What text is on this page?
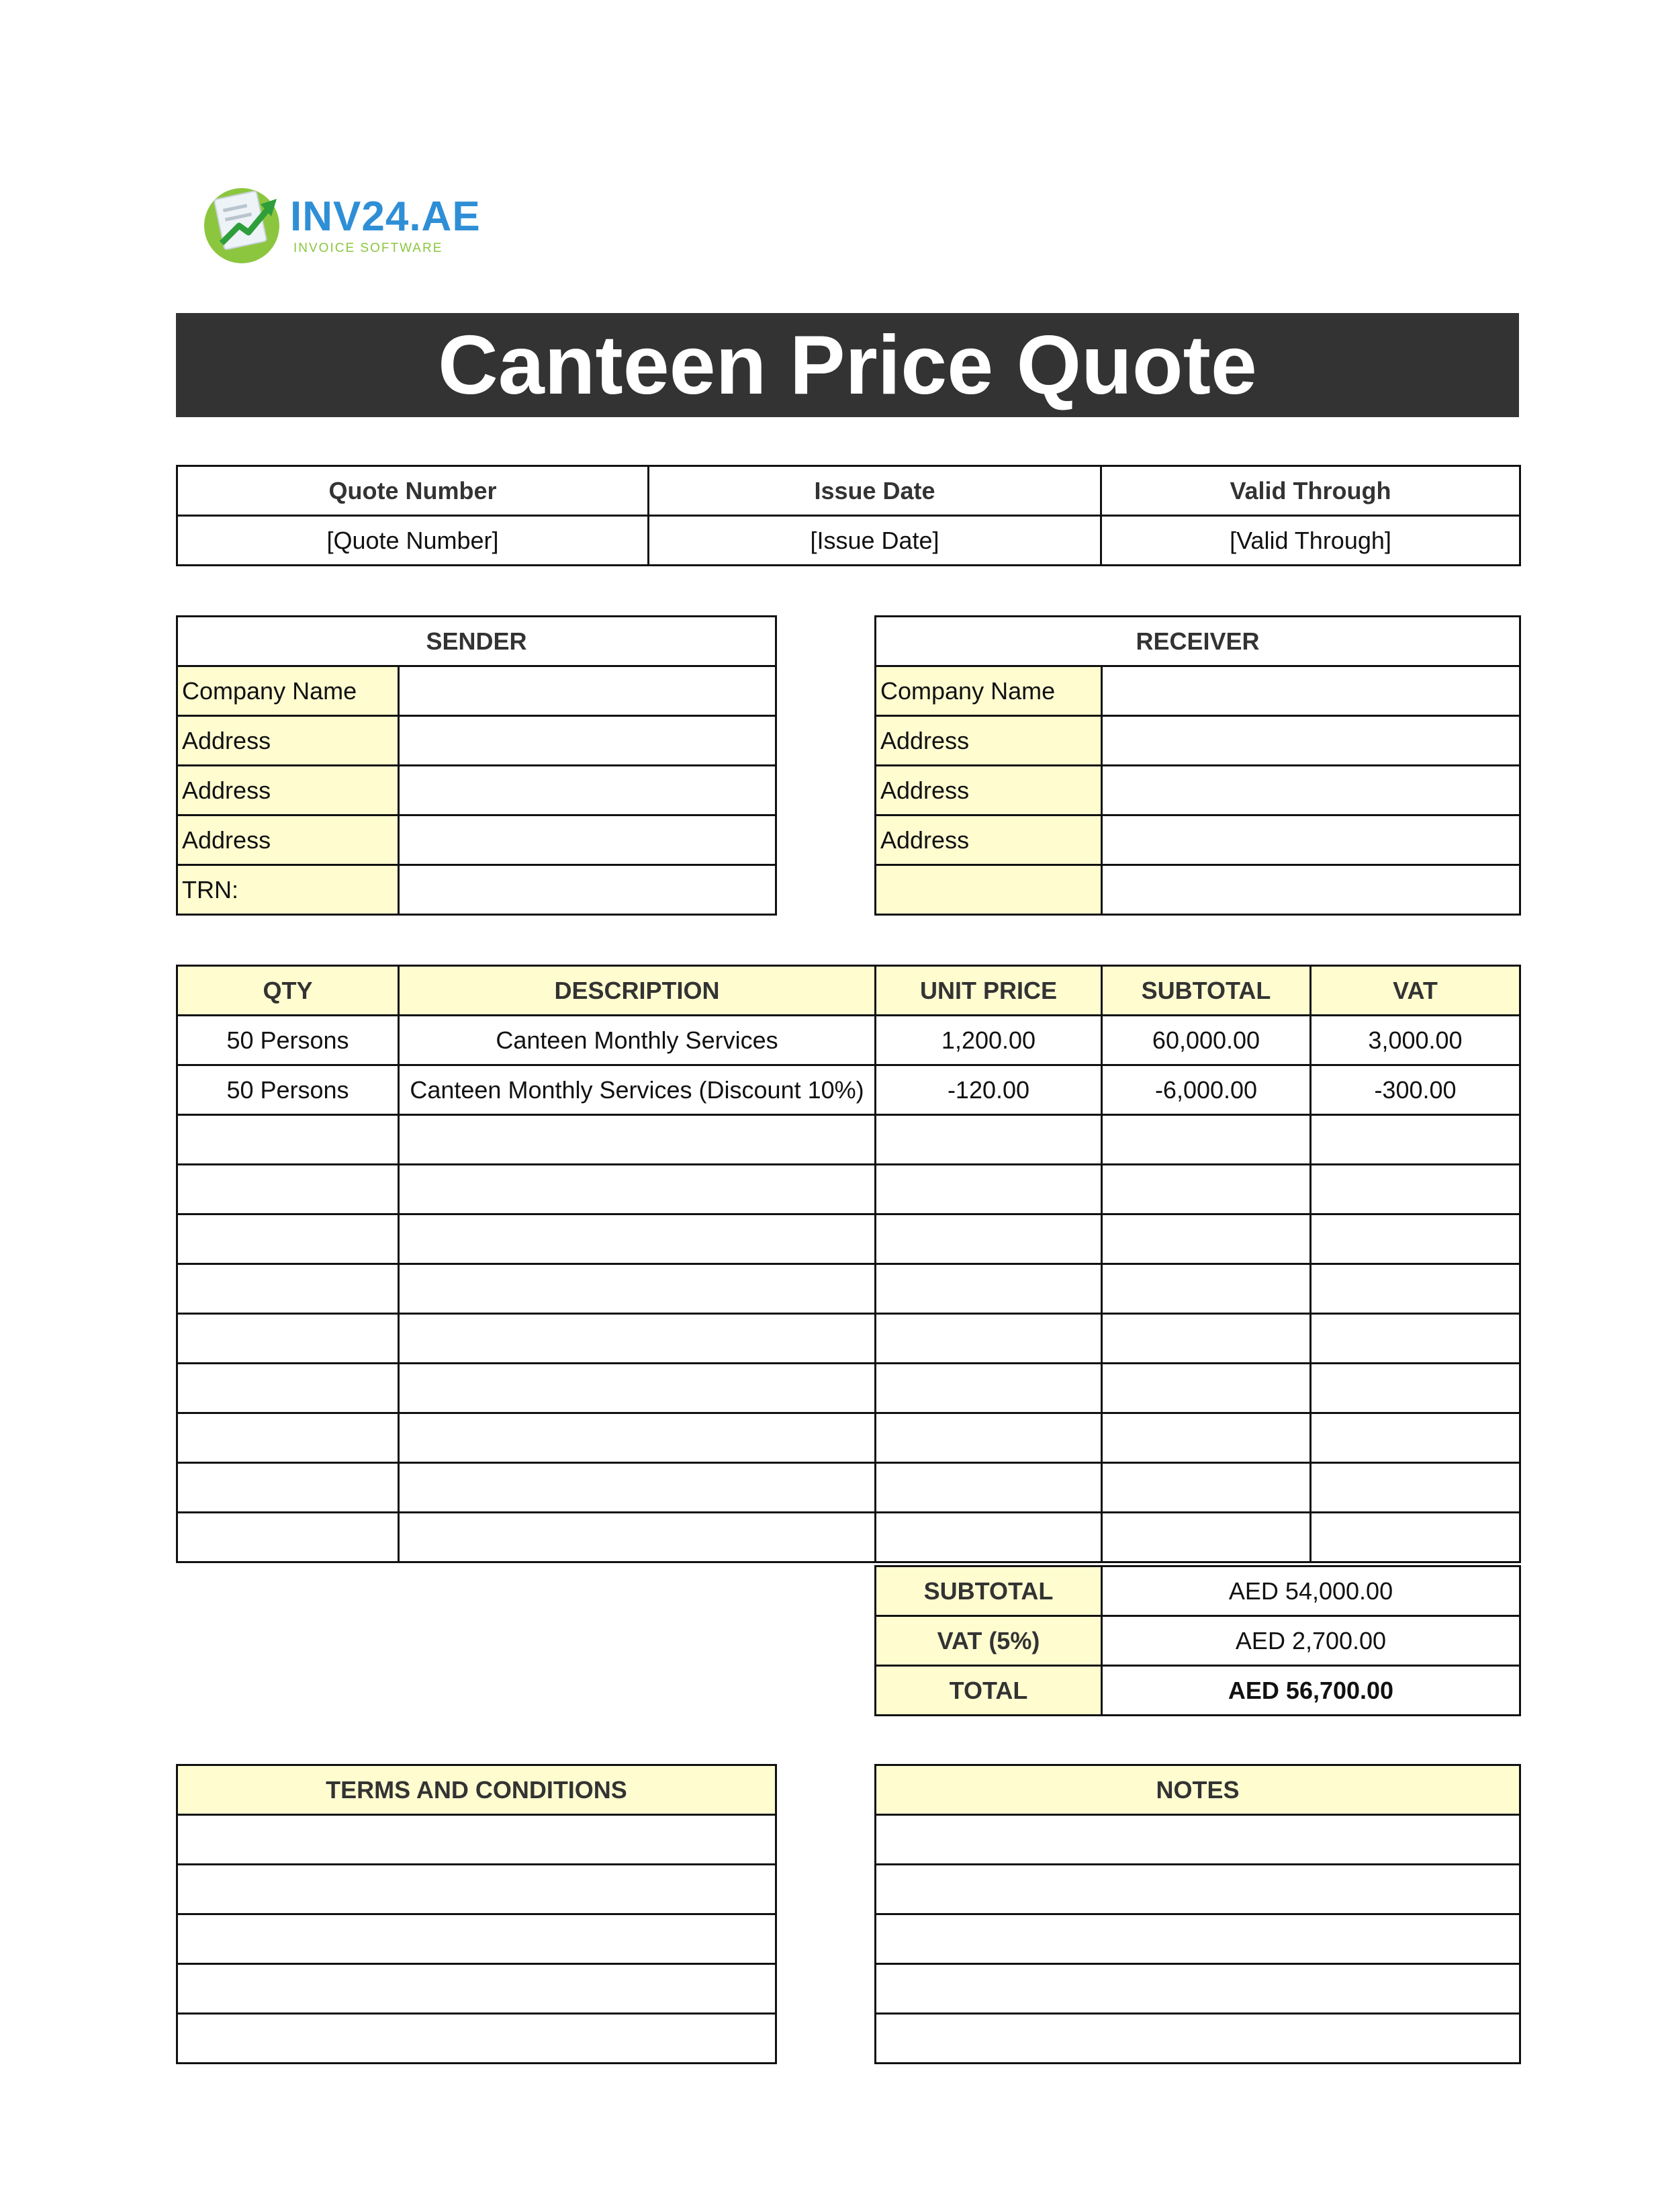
INV24.AE
INVOICE SOFTWARE
Canteen Price Quote
Quote Number	Issue Date	Valid Through
[Quote Number]	[Issue Date]	[Valid Through]
SENDER	
Company Name	
Address	
Address	
Address	
TRN:	
RECEIVER	
Company Name	
Address	
Address	
Address	

QTY	DESCRIPTION	UNIT PRICE	SUBTOTAL	VAT
50 Persons	Canteen Monthly Services	1,200.00	60,000.00	3,000.00
50 Persons	Canteen Monthly Services (Discount 10%)	-120.00	-6,000.00	-300.00

SUBTOTAL	AED 54,000.00
VAT (5%)	AED 2,700.00
TOTAL	AED 56,700.00
TERMS AND CONDITIONS	NOTES
